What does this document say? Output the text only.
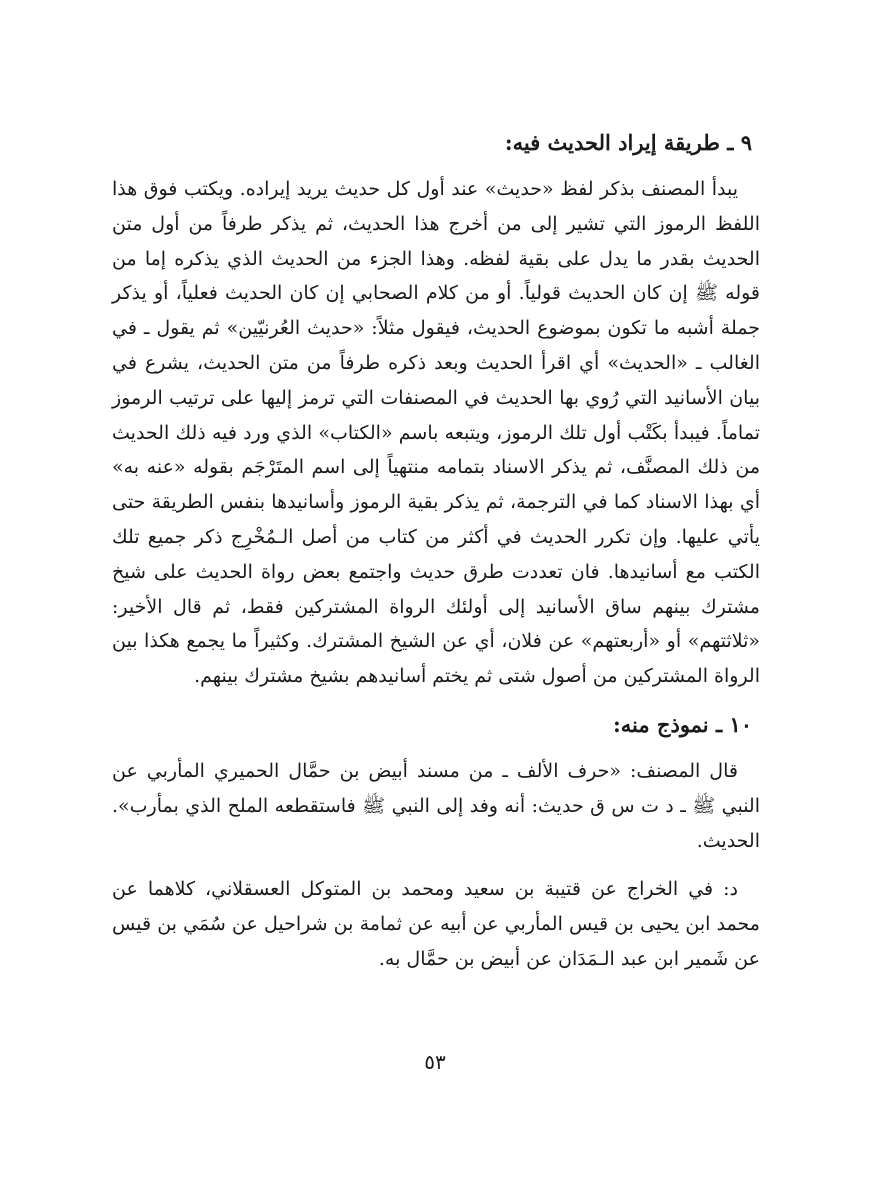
٩ ـ طريقة إيراد الحديث فيه:

يبدأ المصنف بذكر لفظ «حديث» عند أول كل حديث يريد إيراده. ويكتب فوق هذا اللفظ الرموز التي تشير إلى من أخرج هذا الحديث، ثم يذكر طرفاً من أول متن الحديث بقدر ما يدل على بقية لفظه. وهذا الجزء من الحديث الذي يذكره إما من قوله ﷺ إن كان الحديث قولياً. أو من كلام الصحابي إن كان الحديث فعلياً، أو يذكر جملة أشبه ما تكون بموضوع الحديث، فيقول مثلاً: «حديث العُرنيّين» ثم يقول ـ في الغالب ـ «الحديث» أي اقرأ الحديث وبعد ذكره طرفاً من متن الحديث، يشرع في بيان الأسانيد التي رُوي بها الحديث في المصنفات التي ترمز إليها على ترتيب الرموز تماماً. فيبدأ بكَتْب أول تلك الرموز، ويتبعه باسم «الكتاب» الذي ورد فيه ذلك الحديث من ذلك المصنَّف، ثم يذكر الاسناد بتمامه منتهياً إلى اسم المتَرْجَم بقوله «عنه به» أي بهذا الاسناد كما في الترجمة، ثم يذكر بقية الرموز وأسانيدها بنفس الطريقة حتى يأتي عليها. وإن تكرر الحديث في أكثر من كتاب من أصل الـمُخْرِج ذكر جميع تلك الكتب مع أسانيدها. فان تعددت طرق حديث واجتمع بعض رواة الحديث على شيخ مشترك بينهم ساق الأسانيد إلى أولئك الرواة المشتركين فقط، ثم قال الأخير: «ثلاثتهم» أو «أربعتهم» عن فلان، أي عن الشيخ المشترك. وكثيراً ما يجمع هكذا بين الرواة المشتركين من أصول شتى ثم يختم أسانيدهم بشيخ مشترك بينهم.

١٠ ـ نموذج منه:

قال المصنف: «حرف الألف ـ من مسند أبيض بن حمَّال الحميري المأربي عن النبي ﷺ ـ د ت س ق حديث: أنه وفد إلى النبي ﷺ فاستقطعه الملح الذي بمأرب». الحديث.

د: في الخراج عن قتيبة بن سعيد ومحمد بن المتوكل العسقلاني، كلاهما عن محمد ابن يحيى بن قيس المأربي عن أبيه عن ثمامة بن شراحيل عن سُمَي بن قيس عن شَمير ابن عبد الـمَدَان عن أبيض بن حمَّال به.

٥٣
